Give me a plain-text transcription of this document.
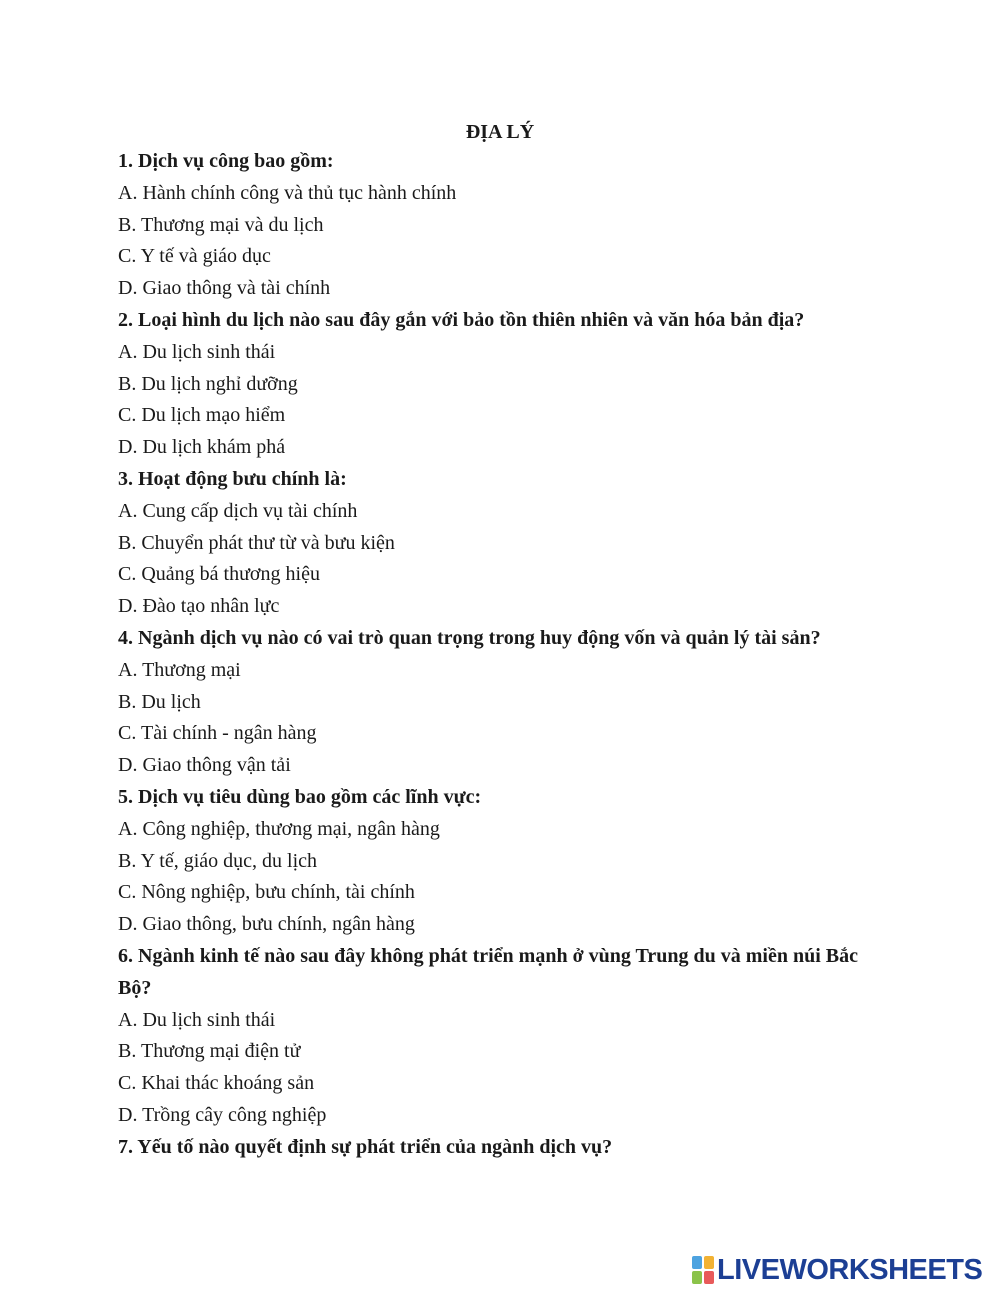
ĐỊA LÝ
1. Dịch vụ công bao gồm:
A. Hành chính công và thủ tục hành chính
B. Thương mại và du lịch
C. Y tế và giáo dục
D. Giao thông và tài chính
2. Loại hình du lịch nào sau đây gắn với bảo tồn thiên nhiên và văn hóa bản địa?
A. Du lịch sinh thái
B. Du lịch nghỉ dưỡng
C. Du lịch mạo hiểm
D. Du lịch khám phá
3. Hoạt động bưu chính là:
A. Cung cấp dịch vụ tài chính
B. Chuyển phát thư từ và bưu kiện
C. Quảng bá thương hiệu
D. Đào tạo nhân lực
4. Ngành dịch vụ nào có vai trò quan trọng trong huy động vốn và quản lý tài sản?
A. Thương mại
B. Du lịch
C. Tài chính - ngân hàng
D. Giao thông vận tải
5. Dịch vụ tiêu dùng bao gồm các lĩnh vực:
A. Công nghiệp, thương mại, ngân hàng
B. Y tế, giáo dục, du lịch
C. Nông nghiệp, bưu chính, tài chính
D. Giao thông, bưu chính, ngân hàng
6. Ngành kinh tế nào sau đây không phát triển mạnh ở vùng Trung du và miền núi Bắc Bộ?
A. Du lịch sinh thái
B. Thương mại điện tử
C. Khai thác khoáng sản
D. Trồng cây công nghiệp
7. Yếu tố nào quyết định sự phát triển của ngành dịch vụ?
LIVEWORKSHEETS
